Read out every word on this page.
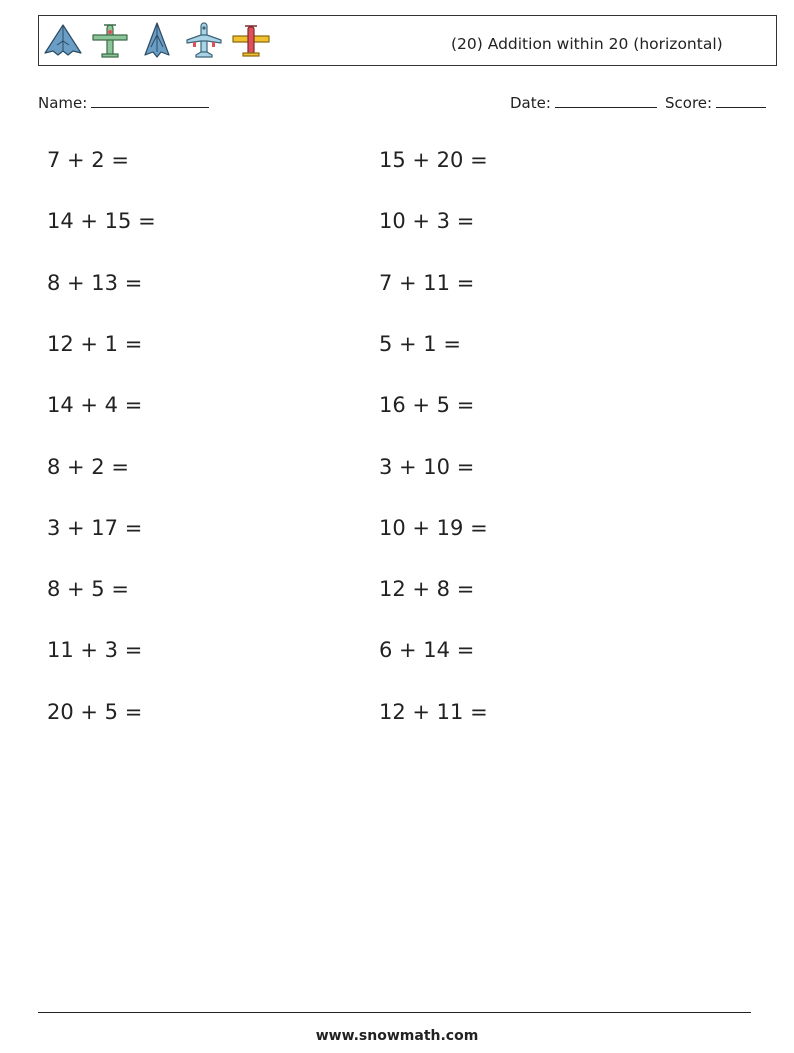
(20) Addition within 20 (horizontal)
Name:	Date:	Score:
7 + 2 =
14 + 15 =
8 + 13 =
12 + 1 =
14 + 4 =
8 + 2 =
3 + 17 =
8 + 5 =
11 + 3 =
20 + 5 =
15 + 20 =
10 + 3 =
7 + 11 =
5 + 1 =
16 + 5 =
3 + 10 =
10 + 19 =
12 + 8 =
6 + 14 =
12 + 11 =
www.snowmath.com
